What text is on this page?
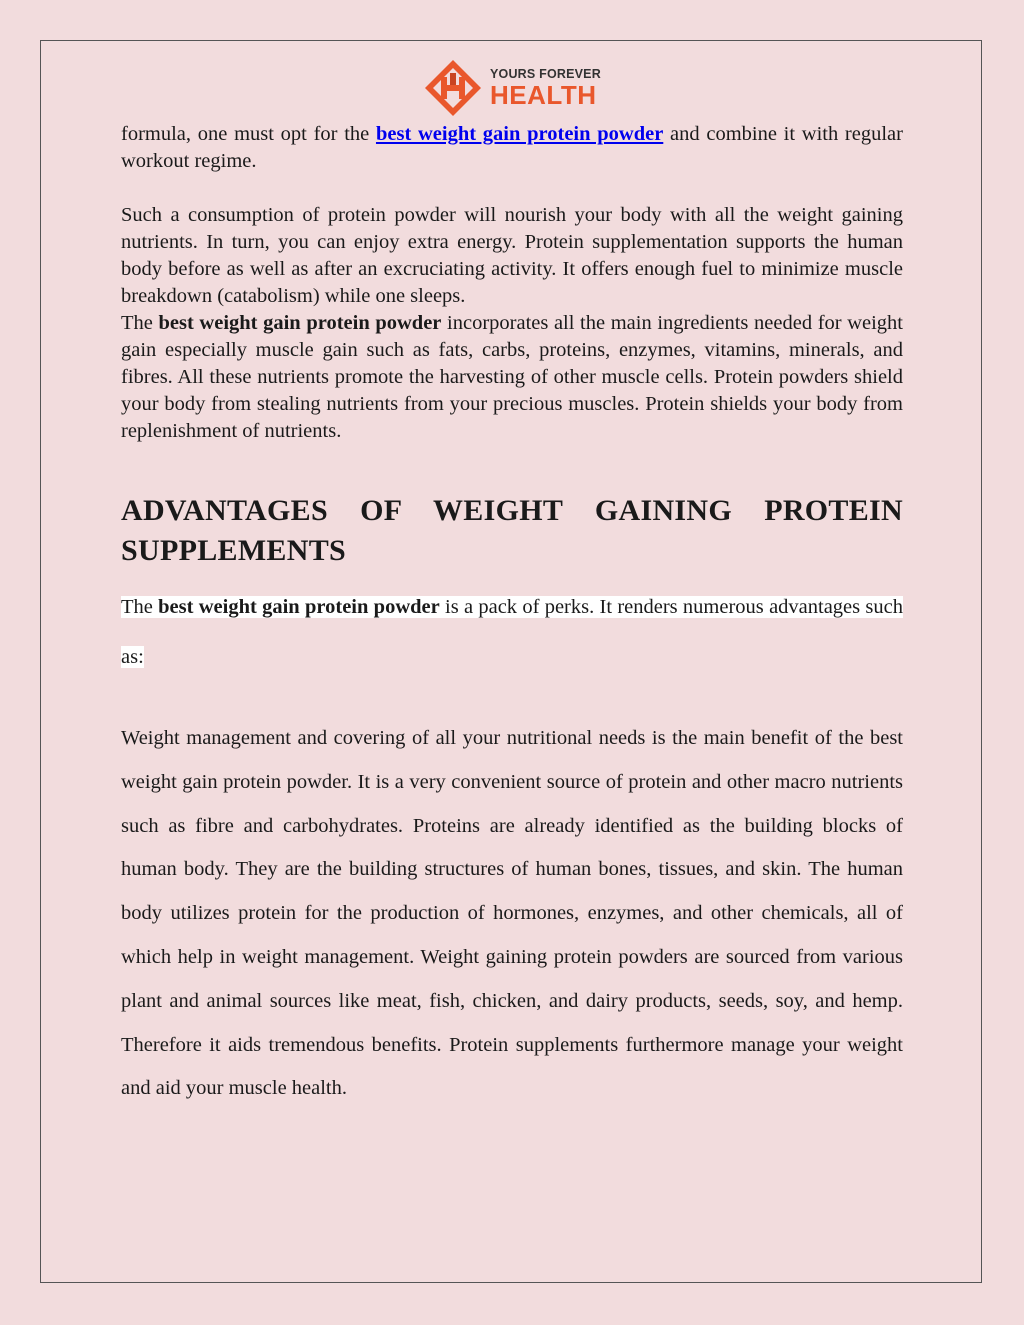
YOURS FOREVER
HEALTH

formula, one must opt for the best weight gain protein powder and combine it with regular workout regime.

Such a consumption of protein powder will nourish your body with all the weight gaining nutrients. In turn, you can enjoy extra energy. Protein supplementation supports the human body before as well as after an excruciating activity. It offers enough fuel to minimize muscle breakdown (catabolism) while one sleeps.

The best weight gain protein powder incorporates all the main ingredients needed for weight gain especially muscle gain such as fats, carbs, proteins, enzymes, vitamins, minerals, and fibres. All these nutrients promote the harvesting of other muscle cells. Protein powders shield your body from stealing nutrients from your precious muscles. Protein shields your body from replenishment of nutrients.

ADVANTAGES OF WEIGHT GAINING PROTEIN SUPPLEMENTS

The best weight gain protein powder is a pack of perks. It renders numerous advantages such as:

Weight management and covering of all your nutritional needs is the main benefit of the best weight gain protein powder. It is a very convenient source of protein and other macro nutrients such as fibre and carbohydrates. Proteins are already identified as the building blocks of human body. They are the building structures of human bones, tissues, and skin. The human body utilizes protein for the production of hormones, enzymes, and other chemicals, all of which help in weight management. Weight gaining protein powders are sourced from various plant and animal sources like meat, fish, chicken, and dairy products, seeds, soy, and hemp. Therefore it aids tremendous benefits. Protein supplements furthermore manage your weight and aid your muscle health.
